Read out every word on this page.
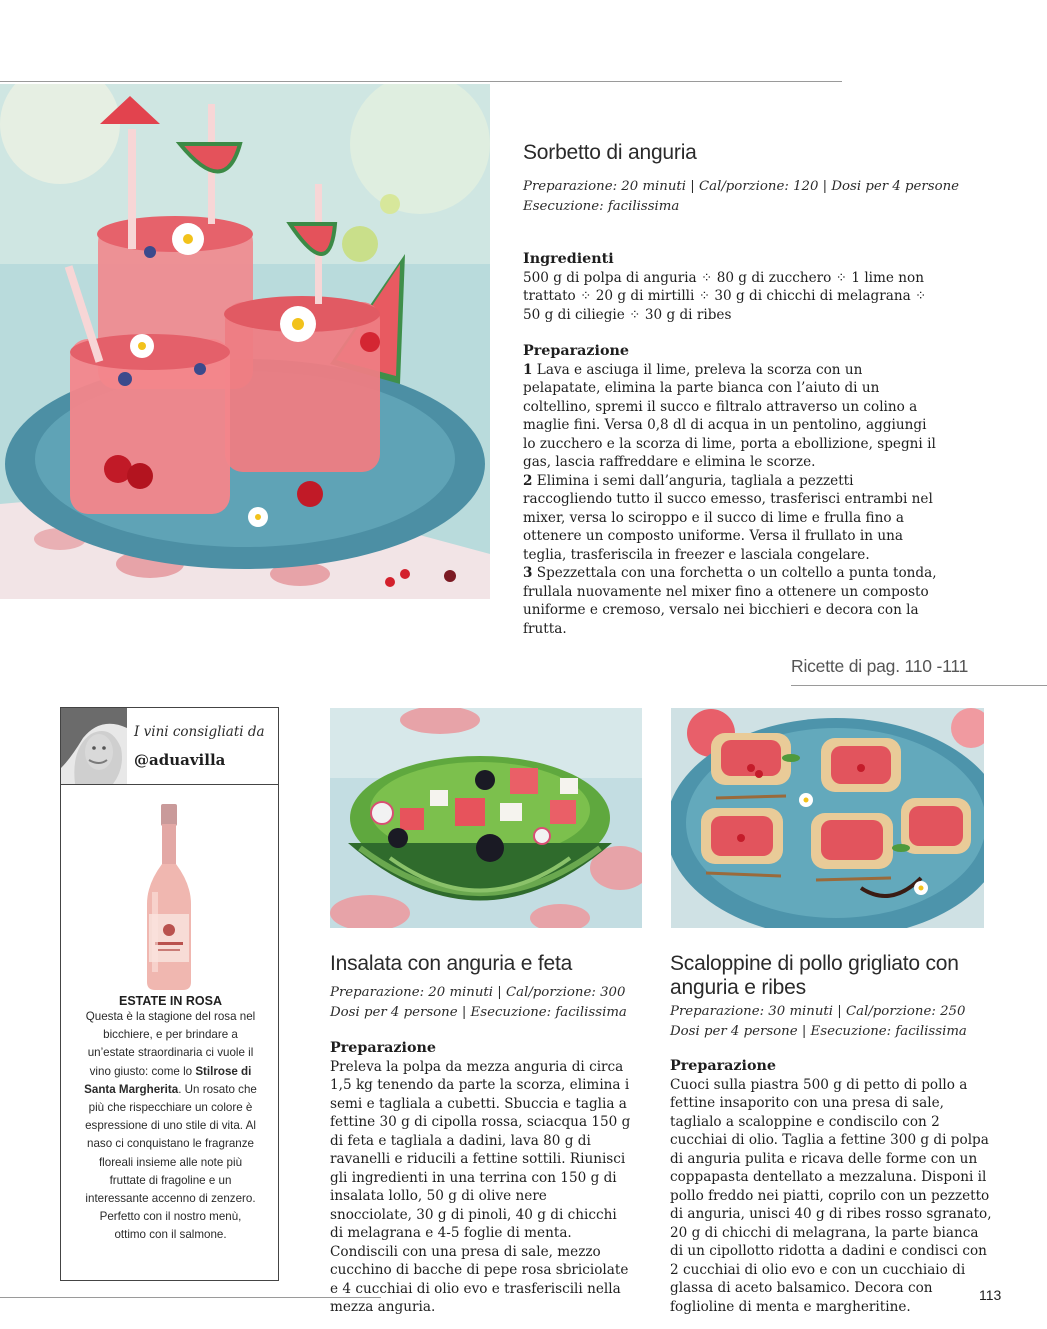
Sorbetto di anguria
Preparazione: 20 minuti | Cal/porzione: 120 | Dosi per 4 persone
Esecuzione: facilissima
Ingredienti

500 g di polpa di anguria ⁘ 80 g di zucchero ⁘ 1 lime non trattato ⁘ 20 g di mirtilli ⁘ 30 g di chicchi di melagrana ⁘ 50 g di ciliegie ⁘ 30 g di ribes

Preparazione

1 Lava e asciuga il lime, preleva la scorza con un pelapatate, elimina la parte bianca con l’aiuto di un coltellino, spremi il succo e filtralo attraverso un colino a maglie fini. Versa 0,8 dl di acqua in un pentolino, aggiungi lo zucchero e la scorza di lime, porta a ebollizione, spegni il gas, lascia raffreddare e elimina le scorze.

2 Elimina i semi dall’anguria, tagliala a pezzetti raccogliendo tutto il succo emesso, trasferisci entrambi nel mixer, versa lo sciroppo e il succo di lime e frulla fino a ottenere un composto uniforme. Versa il frullato in una teglia, trasferiscila in freezer e lasciala congelare.

3 Spezzettala con una forchetta o un coltello a punta tonda, frullala nuovamente nel mixer fino a ottenere un composto uniforme e cremoso, versalo nei bicchieri e decora con la frutta.

Ricette di pag. 110 -111
I vini consigliati da
@aduavilla
ESTATE IN ROSA
Questa è la stagione del rosa nel bicchiere, e per brindare a un’estate straordinaria ci vuole il vino giusto: come lo Stilrose di Santa Margherita. Un rosato che più che rispecchiare un colore è espressione di uno stile di vita. Al naso ci conquistano le fragranze floreali insieme alle note più fruttate di fragoline e un interessante accenno di zenzero. Perfetto con il nostro menù, ottimo con il salmone.
Insalata con anguria e feta
Preparazione: 20 minuti | Cal/porzione: 300
Dosi per 4 persone | Esecuzione: facilissima
Preparazione

Preleva la polpa da mezza anguria di circa 1,5 kg tenendo da parte la scorza, elimina i semi e tagliala a cubetti. Sbuccia e taglia a fettine 30 g di cipolla rossa, sciacqua 150 g di feta e tagliala a dadini, lava 80 g di ravanelli e riducili a fettine sottili. Riunisci gli ingredienti in una terrina con 150 g di insalata lollo, 50 g di olive nere snocciolate, 30 g di pinoli, 40 g di chicchi di melagrana e 4-5 foglie di menta. Condiscili con una presa di sale, mezzo cucchino di bacche di pepe rosa sbriciolate e 4 cucchiai di olio evo e trasferiscili nella mezza anguria.

Scaloppine di pollo grigliato con anguria e ribes
Preparazione: 30 minuti | Cal/porzione: 250
Dosi per 4 persone | Esecuzione: facilissima
Preparazione

Cuoci sulla piastra 500 g di petto di pollo a fettine insaporito con una presa di sale, taglialo a scaloppine e condiscilo con 2 cucchiai di olio. Taglia a fettine 300 g di polpa di anguria pulita e ricava delle forme con un coppapasta dentellato a mezzaluna. Disponi il pollo freddo nei piatti, coprilo con un pezzetto di anguria, unisci 40 g di ribes rosso sgranato, 20 g di chicchi di melagrana, la parte bianca di un cipollotto ridotta a dadini e condisci con 2 cucchiai di olio evo e con un cucchiaio di glassa di aceto balsamico. Decora con foglioline di menta e margheritine.

113
